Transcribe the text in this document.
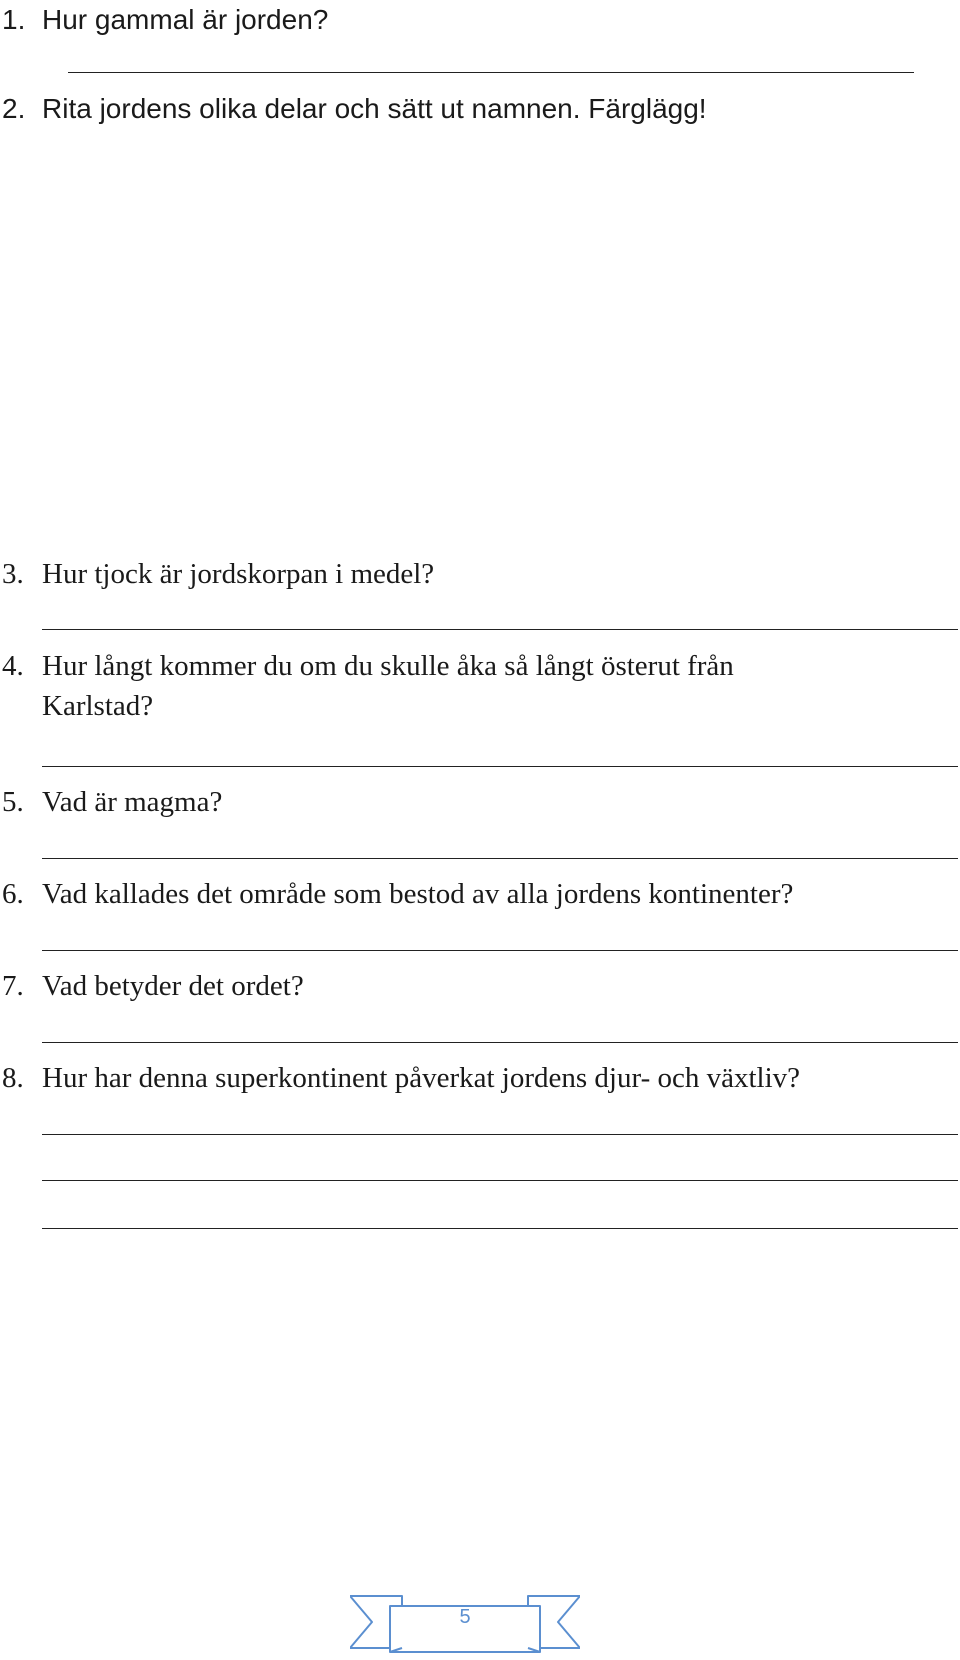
1. Hur gammal är jorden?
2. Rita jordens olika delar och sätt ut namnen. Färglägg!
3. Hur tjock är jordskorpan i medel?
4. Hur långt kommer du om du skulle åka så långt österut från
Karlstad?
5. Vad är magma?
6. Vad kallades det område som bestod av alla jordens kontinenter?
7. Vad betyder det ordet?
8. Hur har denna superkontinent påverkat jordens djur- och växtliv?
5
